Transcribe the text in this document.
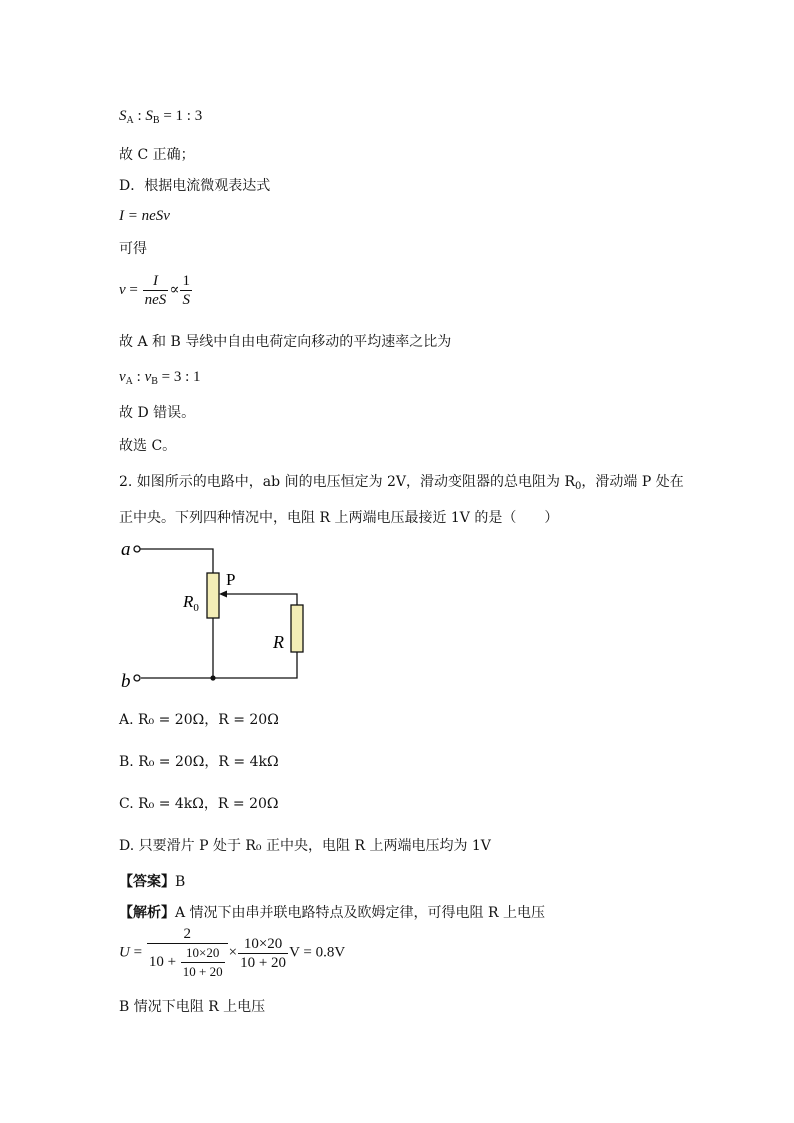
$S_A$ : $S_B = 1$ : 3
故 C 正确；
D．根据电流微观表达式
I = neSv
可得
$v = \frac{I}{\text{neS}} \propto \frac{1}{S}$
故 A 和 B 导线中自由电荷定向移动的平均速率之比为
$v_A$ : $v_B = 3$ : 1
故 D 错误。
故选 C。
2. 如图所示的电路中，ab 间的电压恒定为 2V，滑动变阻器的总电阻为 $R_0$，滑动端 P 处在
正中央。下列四种情况中，电阻 R 上两端电压最接近 1V 的是（　　）
a
$R_0$
P
R
b
A. R₀ = 20Ω，R = 20Ω
B. R₀ = 20Ω，R = 4kΩ
C. R₀ = 4kΩ，R = 20Ω
D. 只要滑片 P 处于 R₀ 正中央，电阻 R 上两端电压均为 1V
【答案】B
【解析】A 情况下由串并联电路特点及欧姆定律，可得电阻 R 上电压
$U = \frac{2}{10 + \frac{10\times 20}{10 + 20}} \times \frac{10\times 20}{10 + 20}$ V = 0.8V
B 情况下电阻 R 上电压
